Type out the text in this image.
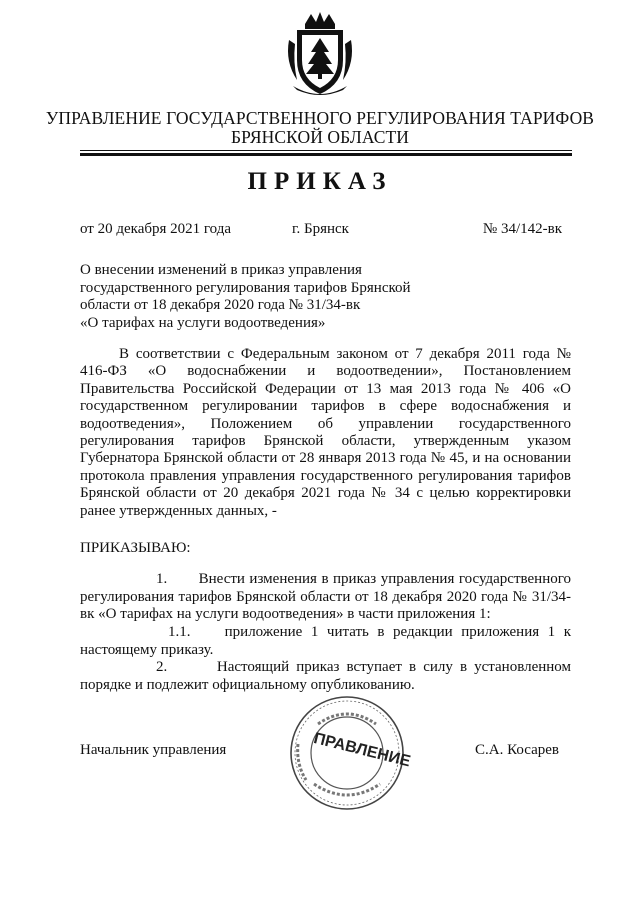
УПРАВЛЕНИЕ ГОСУДАРСТВЕННОГО РЕГУЛИРОВАНИЯ ТАРИФОВ
БРЯНСКОЙ ОБЛАСТИ
ПРИКАЗ
от 20 декабря 2021 года	г. Брянск	№ 34/142-вк
О внесении изменений в приказ управления
государственного регулирования тарифов Брянской
области от 18 декабря 2020 года № 31/34-вк
«О тарифах на услуги водоотведения»
В соответствии с Федеральным законом от 7 декабря 2011 года № 416-ФЗ «О водоснабжении и водоотведении», Постановлением Правительства Российской Федерации от 13 мая 2013 года № 406 «О государственном регулировании тарифов в сфере водоснабжения и водоотведения», Положением об управлении государственного регулирования тарифов Брянской области, утвержденным указом Губернатора Брянской области от 28 января 2013 года № 45, и на основании протокола правления управления государственного регулирования тарифов Брянской области от 20 декабря 2021 года № 34 с целью корректировки ранее утвержденных данных, -
ПРИКАЗЫВАЮ:
1. Внести изменения в приказ управления государственного регулирования тарифов Брянской области от 18 декабря 2020 года № 31/34-вк «О тарифах на услуги водоотведения» в части приложения 1:
1.1. приложение 1 читать в редакции приложения 1 к настоящему приказу.
2.	Настоящий приказ вступает в силу в установленном порядке и подлежит официальному опубликованию.
ПРАВЛЕНИЕ
Начальник управления	С.А. Косарев
